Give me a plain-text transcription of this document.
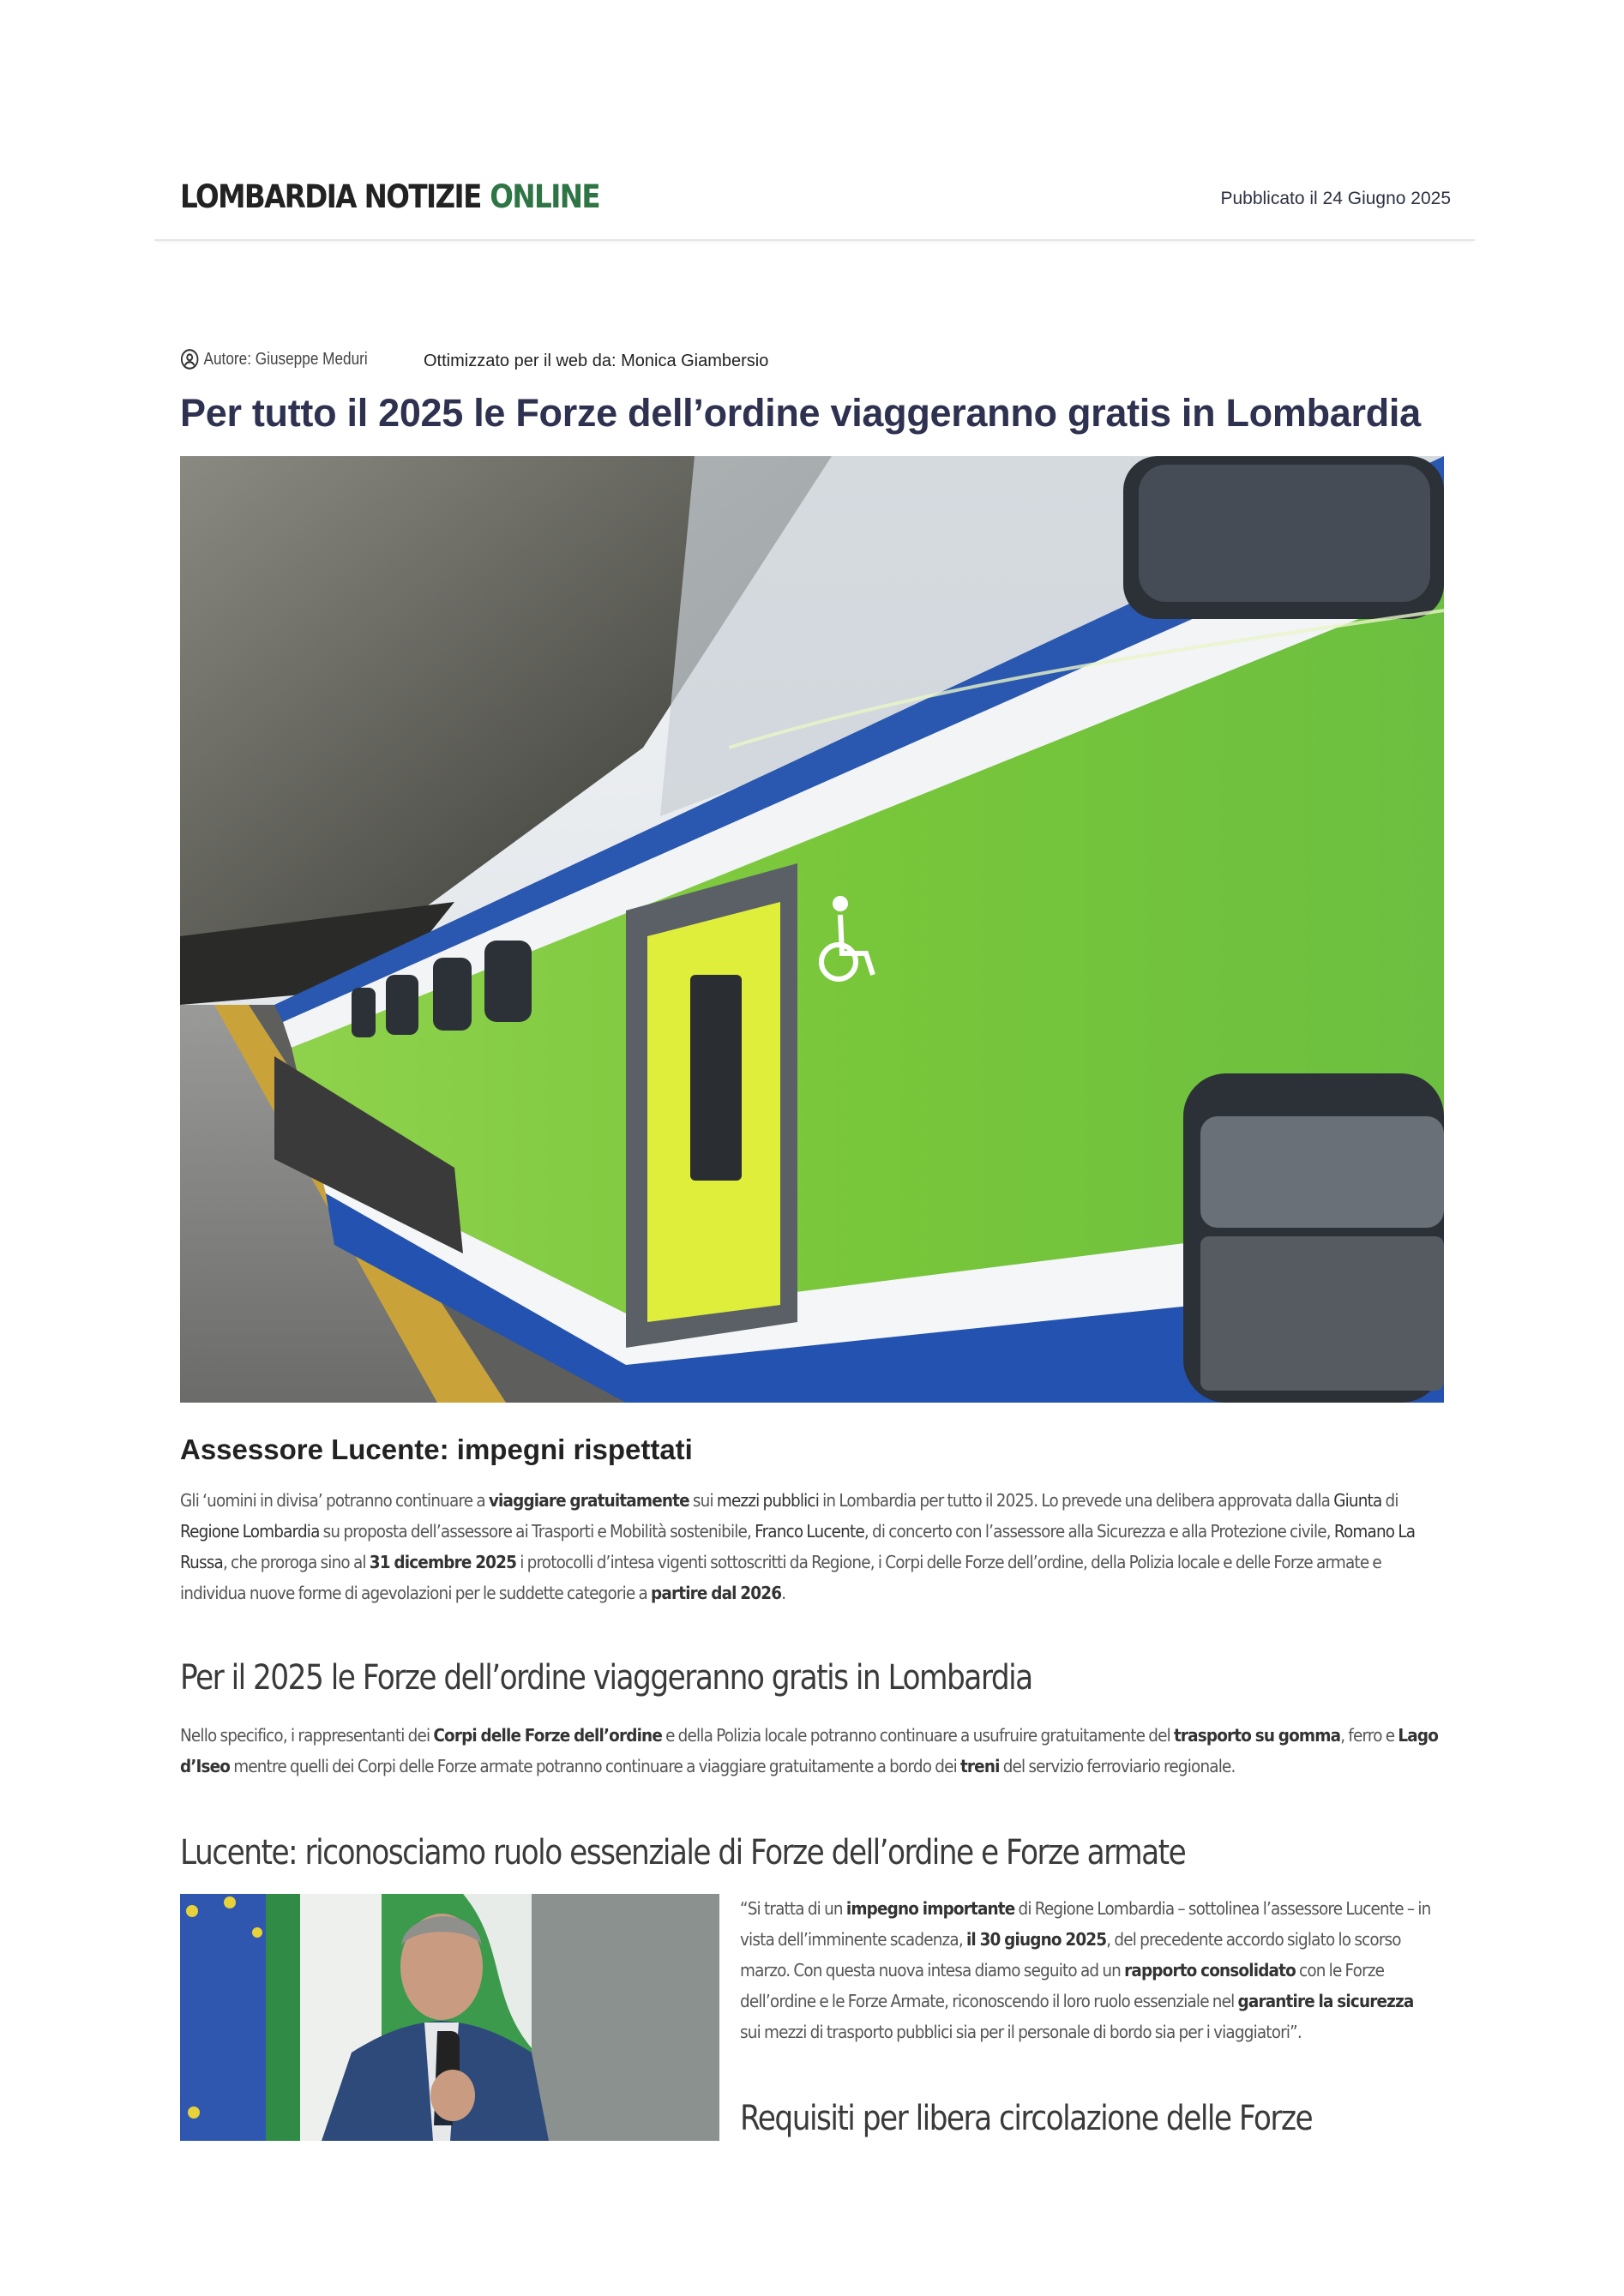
LOMBARDIA NOTIZIE ONLINE	Pubblicato il 24 Giugno 2025
Autore: Giuseppe Meduri	Ottimizzato per il web da: Monica Giambersio
Per tutto il 2025 le Forze dell’ordine viaggeranno gratis in Lombardia
Assessore Lucente: impegni rispettati

Gli ‘uomini in divisa’ potranno continuare a viaggiare gratuitamente sui mezzi pubblici in Lombardia per tutto il 2025. Lo prevede una delibera approvata dalla Giunta di Regione Lombardia su proposta dell’assessore ai Trasporti e Mobilità sostenibile, Franco Lucente, di concerto con l’assessore alla Sicurezza e alla Protezione civile, Romano La Russa, che proroga sino al 31 dicembre 2025 i protocolli d’intesa vigenti sottoscritti da Regione, i Corpi delle Forze dell’ordine, della Polizia locale e delle Forze armate e individua nuove forme di agevolazioni per le suddette categorie a partire dal 2026.

Per il 2025 le Forze dell’ordine viaggeranno gratis in Lombardia

Nello specifico, i rappresentanti dei Corpi delle Forze dell’ordine e della Polizia locale potranno continuare a usufruire gratuitamente del trasporto su gomma, ferro e Lago d’Iseo mentre quelli dei Corpi delle Forze armate potranno continuare a viaggiare gratuitamente a bordo dei treni del servizio ferroviario regionale.

Lucente: riconosciamo ruolo essenziale di Forze dell’ordine e Forze armate

“Si tratta di un impegno importante di Regione Lombardia – sottolinea l’assessore Lucente – in vista dell’imminente scadenza, il 30 giugno 2025, del precedente accordo siglato lo scorso marzo. Con questa nuova intesa diamo seguito ad un rapporto consolidato con le Forze dell’ordine e le Forze Armate, riconoscendo il loro ruolo essenziale nel garantire la sicurezza sui mezzi di trasporto pubblici sia per il personale di bordo sia per i viaggiatori”.

Requisiti per libera circolazione delle Forze
